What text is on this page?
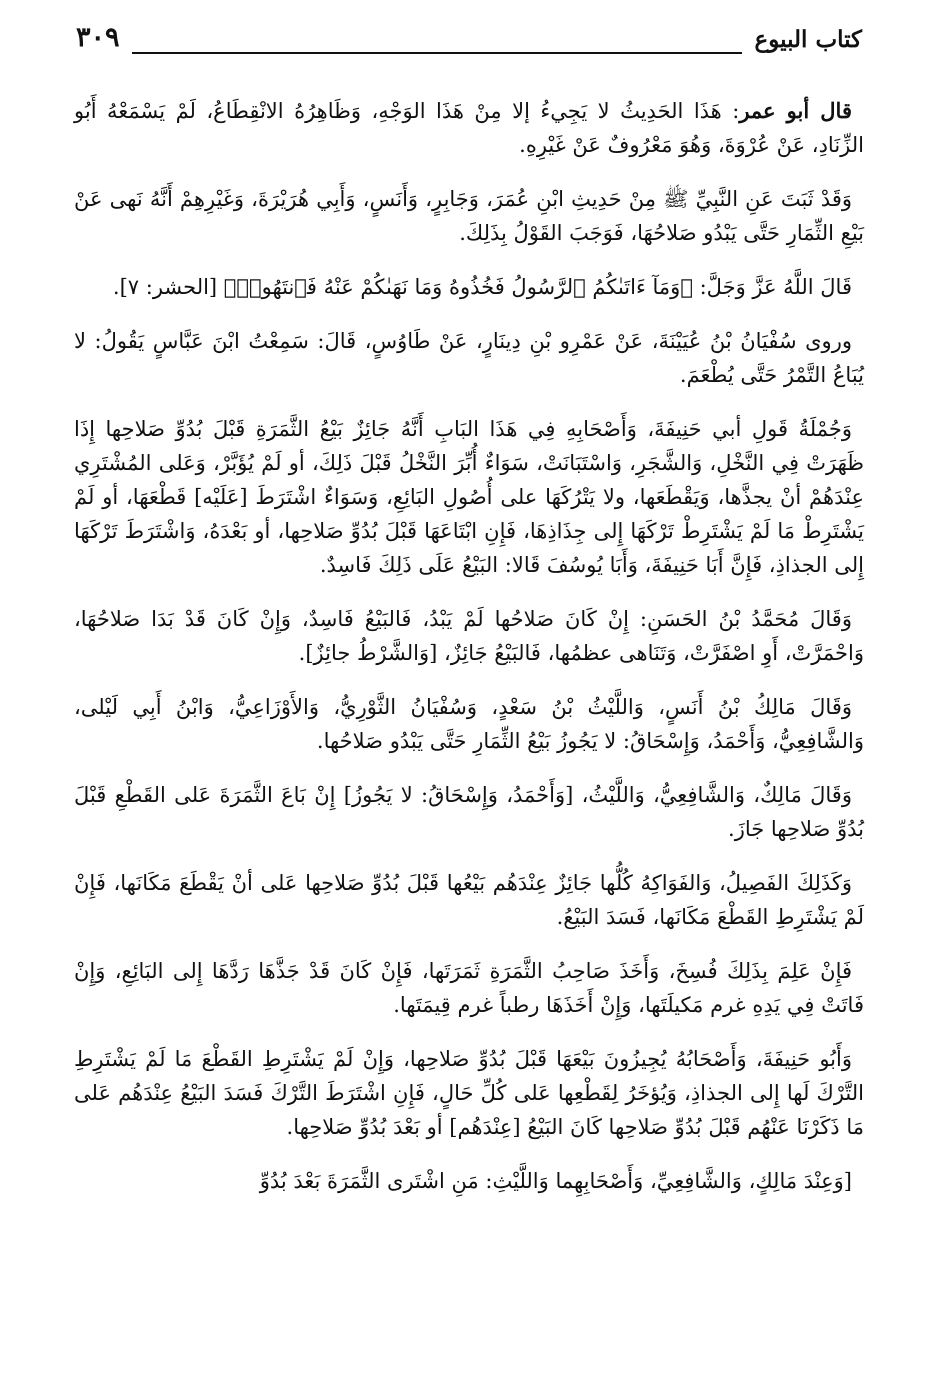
٣٠٩	كتاب البيوع

قال أبو عمر: هَذَا الحَدِيثُ لا يَجِيءُ إلا مِنْ هَذَا الوَجْهِ، وَظَاهِرُهُ الانْقِطَاعُ، لَمْ يَسْمَعْهُ أَبُو الزِّنَادِ، عَنْ عُرْوَةَ، وَهُوَ مَعْرُوفٌ عَنْ غَيْرِهِ.

وَقَدْ ثَبَتَ عَنِ النَّبِيِّ ﷺ مِنْ حَدِيثِ ابْنِ عُمَرَ، وَجَابِرٍ، وَأَنَسٍ، وَأَبِي هُرَيْرَةَ، وَغَيْرِهِمْ أَنَّهُ نَهى عَنْ بَيْعِ الثِّمَارِ حَتَّى يَبْدُو صَلاحُهَا، فَوَجَبَ القَوْلُ بِذَلِكَ.

قَالَ اللَّهُ عَزَّ وَجَلَّ: ﴿وَمَآ ءَاتَىٰكُمُ ٱلرَّسُولُ فَخُذُوهُ وَمَا نَهَىٰكُمْ عَنْهُ فَٱنتَهُوا۟﴾ [الحشر: ٧].

وروى سُفْيَانُ بْنُ عُيَيْنَةَ، عَنْ عَمْرِو بْنِ دِينَارٍ، عَنْ طَاوُسٍ، قَالَ: سَمِعْتُ ابْنَ عَبَّاسٍ يَقُولُ: لا يُبَاعُ التَّمْرُ حَتَّى يُطْعَمَ.

وَجُمْلَةُ قَولِ أبي حَنِيفَةَ، وَأَصْحَابِهِ فِي هَذَا البَابِ أَنَّهُ جَائِزٌ بَيْعُ الثَّمَرَةِ قَبْلَ بُدُوِّ صَلاحِها إِذَا ظَهَرَتْ فِي النَّخْلِ، وَالشَّجَرِ، وَاسْتَبَانَتْ، سَوَاءٌ أُبِّرَ النَّخْلُ قَبْلَ ذَلِكَ، أو لَمْ يُؤَبَّرْ، وَعَلى المُشْتَرِي عِنْدَهُمْ أنْ يجذَّها، وَيَقْطَعَها، ولا يَتْرُكَهَا على أُصُولِ البَائِعِ، وَسَوَاءٌ اشْتَرَطَ [عَلَيْه] قَطْعَهَا، أو لَمْ يَشْتَرِطْ مَا لَمْ يَشْتَرِطْ تَرْكَهَا إِلى جِذَاذِهَا، فَإِنِ ابْتَاعَهَا قَبْلَ بُدُوِّ صَلاحِها، أو بَعْدَهُ، وَاشْتَرَطَ تَرْكَهَا إِلى الجذاذِ، فَإِنَّ أَبَا حَنِيفَةَ، وَأَبَا يُوسُفَ قَالا: البَيْعُ عَلَى ذَلِكَ فَاسِدٌ.

وَقَالَ مُحَمَّدُ بْنُ الحَسَنِ: إِنْ كَانَ صَلاحُها لَمْ يَبْدُ، فَالبَيْعُ فَاسِدٌ، وَإِنْ كَانَ قَدْ بَدَا صَلاحُهَا، وَاحْمَرَّتْ، أَوِ اصْفَرَّتْ، وَتَنَاهى عظمُها، فَالبَيْعُ جَائِزٌ، [وَالشَّرْطُ جائِزٌ].

وَقَالَ مَالِكُ بْنُ أَنَسٍ، وَاللَّيْثُ بْنُ سَعْدٍ، وَسُفْيَانُ الثَّوْرِيُّ، وَالأَوْزَاعِيُّ، وَابْنُ أَبِي لَيْلى، وَالشَّافِعِيُّ، وَأَحْمَدُ، وَإِسْحَاقُ: لا يَجُوزُ بَيْعُ الثِّمَارِ حَتَّى يَبْدُو صَلاحُها.

وَقَالَ مَالِكٌ، وَالشَّافِعِيُّ، وَاللَّيْثُ، [وَأَحْمَدُ، وَإِسْحَاقُ: لا يَجُوزُ] إِنْ بَاعَ الثَّمَرَةَ عَلى القَطْعِ قَبْلَ بُدُوِّ صَلاحِها جَازَ.

وَكَذَلِكَ الفَصِيلُ، وَالفَوَاكِهُ كُلُّها جَائِزٌ عِنْدَهُم بَيْعُها قَبْلَ بُدُوِّ صَلاحِها عَلى أنْ يَقْطَعَ مَكَانَها، فَإِنْ لَمْ يَشْتَرِطِ القَطْعَ مَكَانَها، فَسَدَ البَيْعُ.

فَإِنْ عَلِمَ بِذَلِكَ فُسِخَ، وَأَخَذَ صَاحِبُ الثَّمَرَةِ ثَمَرَتَها، فَإِنْ كَانَ قَدْ جَذَّهَا رَدَّهَا إِلى البَائِعِ، وَإِنْ فَاتَتْ فِي يَدِهِ غرم مَكيلَتَها، وَإِنْ أَخَذَهَا رطباً غرم قِيمَتَها.

وَأَبُو حَنِيفَةَ، وَأَصْحَابُهُ يُجِيزُونَ بَيْعَهَا قَبْلَ بُدُوِّ صَلاحِها، وَإِنْ لَمْ يَشْتَرِطِ القَطْعَ مَا لَمْ يَشْتَرِطِ التَّرْكَ لَها إِلى الجذاذِ، وَيُؤخَرُ لِقَطْعِها عَلى كُلِّ حَالٍ، فَإِنِ اشْتَرَطَ التَّرْكَ فَسَدَ البَيْعُ عِنْدَهُم عَلى مَا ذَكَرْنَا عَنْهُم قَبْلَ بُدُوِّ صَلاحِها كَانَ البَيْعُ [عِنْدَهُم] أو بَعْدَ بُدُوِّ صَلاحِها.

[وَعِنْدَ مَالِكٍ، وَالشَّافِعِيِّ، وَأَصْحَابِهِما وَاللَّيْثِ: مَنِ اشْتَرى الثَّمَرَةَ بَعْدَ بُدُوِّ
